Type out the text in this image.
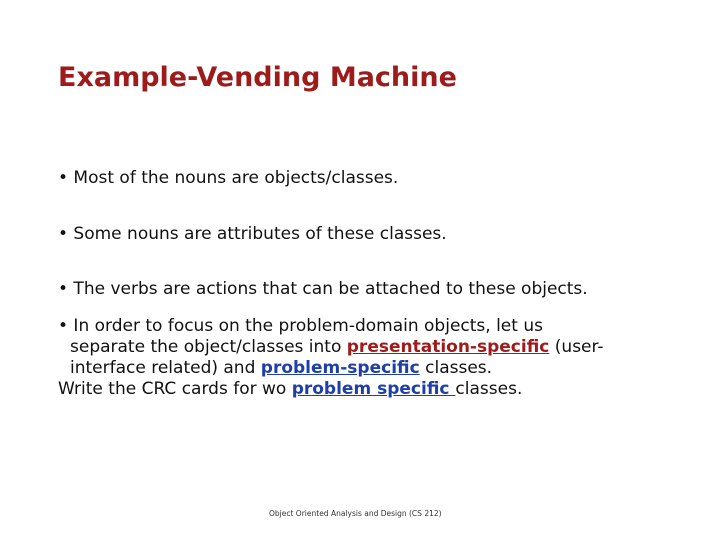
Example-Vending Machine
• Most of the nouns are objects/classes.
• Some nouns are attributes of these classes.
• The verbs are actions that can be attached to these objects.
• In order to focus on the problem-domain objects, let us
separate the object/classes into presentation-specific (user-
interface related) and problem-specific classes.
Write the CRC cards for wo problem specific classes.
Object Oriented Analysis and Design (CS 212)
